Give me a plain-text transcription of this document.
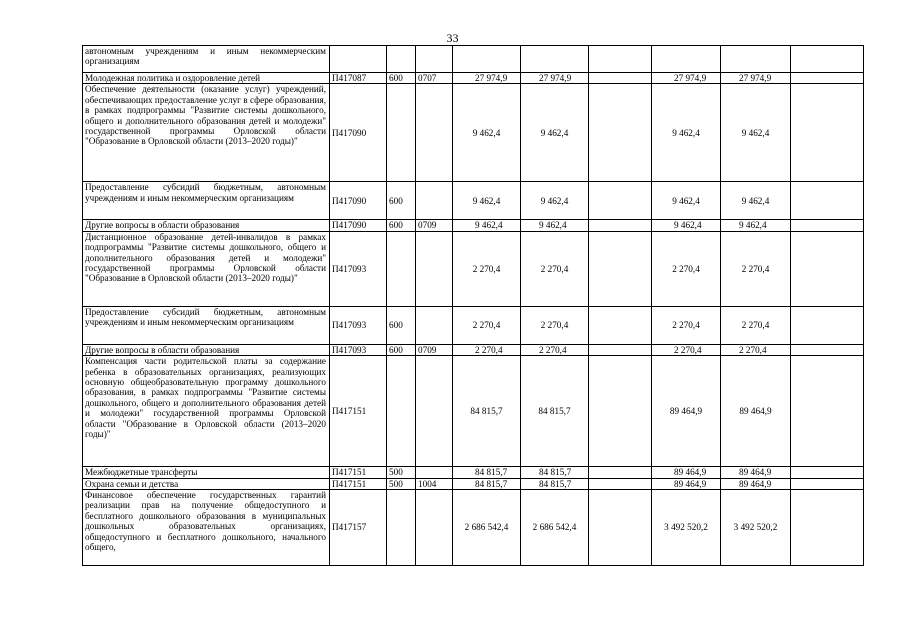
33
автономным учреждениям и иным некоммерческим организациям									
Молодежная политика и оздоровление детей	П417087	600	0707	27 974,9	27 974,9		27 974,9	27 974,9	
Обеспечение деятельности (оказание услуг) учреждений, обеспечивающих предоставление услуг в сфере образования, в рамках подпрограммы "Развитие системы дошкольного, общего и дополнительного образования детей и молодежи" государственной программы Орловской области "Образование в Орловской области (2013–2020 годы)"	П417090			9 462,4	9 462,4		9 462,4	9 462,4	
Предоставление субсидий бюджетным, автономным учреждениям и иным некоммерческим организациям	П417090	600		9 462,4	9 462,4		9 462,4	9 462,4	
Другие вопросы в области образования	П417090	600	0709	9 462,4	9 462,4		9 462,4	9 462,4	
Дистанционное образование детей-инвалидов в рамках подпрограммы "Развитие системы дошкольного, общего и дополнительного образования детей и молодежи" государственной программы Орловской области "Образование в Орловской области (2013–2020 годы)"	П417093			2 270,4	2 270,4		2 270,4	2 270,4	
Предоставление субсидий бюджетным, автономным учреждениям и иным некоммерческим организациям	П417093	600		2 270,4	2 270,4		2 270,4	2 270,4	
Другие вопросы в области образования	П417093	600	0709	2 270,4	2 270,4		2 270,4	2 270,4	
Компенсация части родительской платы за содержание ребенка в образовательных организациях, реализующих основную общеобразовательную программу дошкольного образования, в рамках подпрограммы "Развитие системы дошкольного, общего и дополнительного образования детей и молодежи" государственной программы Орловской области "Образование в Орловской области (2013–2020 годы)"	П417151			84 815,7	84 815,7		89 464,9	89 464,9	
Межбюджетные трансферты	П417151	500		84 815,7	84 815,7		89 464,9	89 464,9	
Охрана семьи и детства	П417151	500	1004	84 815,7	84 815,7		89 464,9	89 464,9	
Финансовое обеспечение государственных гарантий реализации прав на получение общедоступного и бесплатного дошкольного образования в муниципальных дошкольных образовательных организациях, общедоступного и бесплатного дошкольного, начального общего,	П417157			2 686 542,4	2 686 542,4		3 492 520,2	3 492 520,2	
